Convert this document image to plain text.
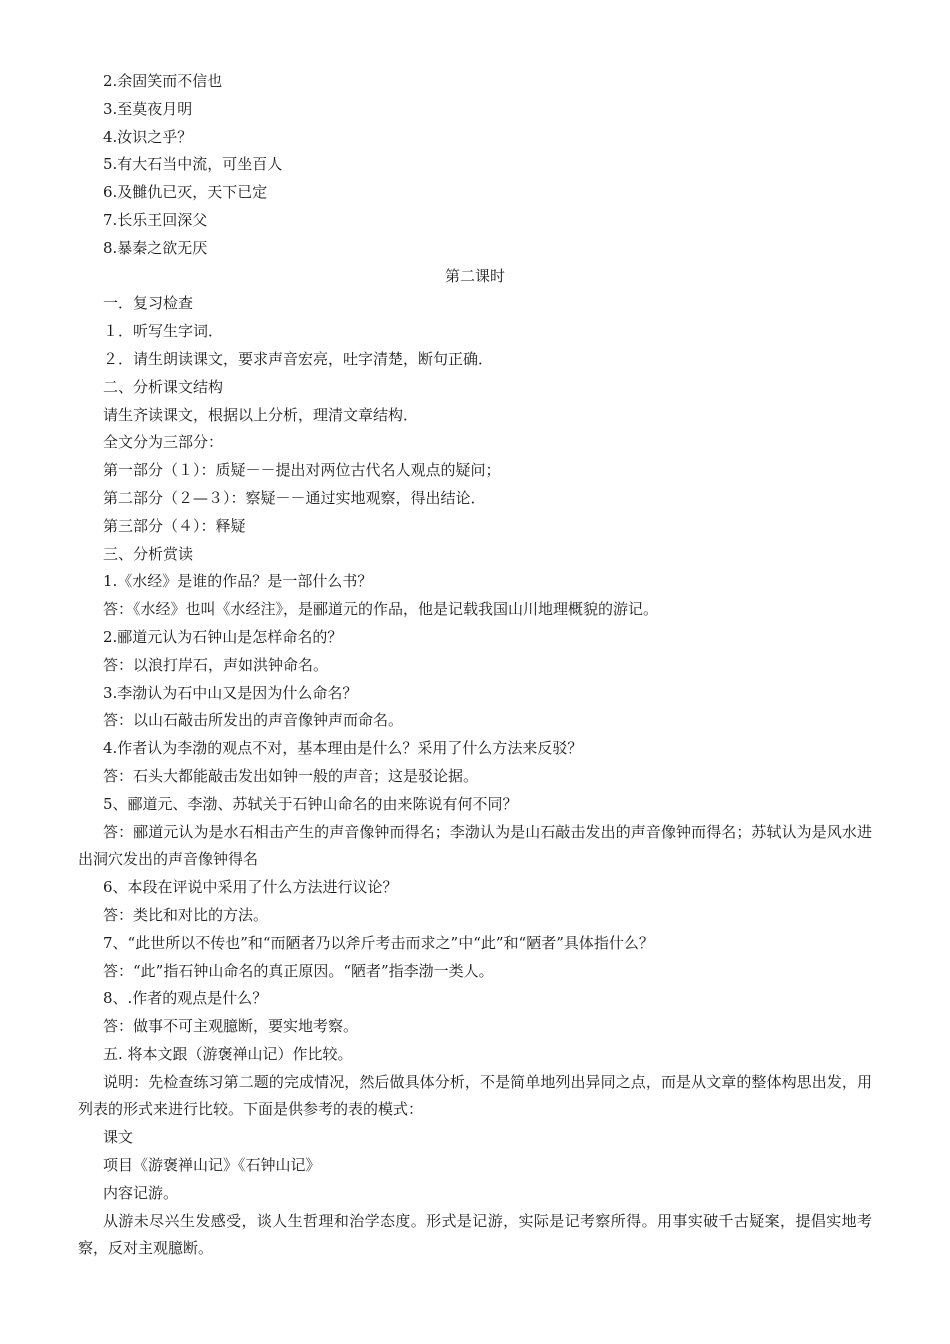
2.余固笑而不信也

3.至莫夜月明

4.汝识之乎？

5.有大石当中流，可坐百人

6.及雠仇已灭，天下已定

7.长乐王回深父

8.暴秦之欲无厌

第二课时

一．复习检查

１．听写生字词．

２．请生朗读课文，要求声音宏亮，吐字清楚，断句正确．

二、分析课文结构

请生齐读课文，根据以上分析，理清文章结构．

全文分为三部分：

第一部分（１）：质疑－－提出对两位古代名人观点的疑问；

第二部分（２—３）：察疑－－通过实地观察，得出结论．

第三部分（４）：释疑

三、分析赏读

1.《水经》是谁的作品？是一部什么书？

答：《水经》也叫《水经注》，是郦道元的作品，他是记载我国山川地理概貌的游记。

2.郦道元认为石钟山是怎样命名的？

答：以浪打岸石，声如洪钟命名。

3.李渤认为石中山又是因为什么命名？

答：以山石敲击所发出的声音像钟声而命名。

4.作者认为李渤的观点不对，基本理由是什么？采用了什么方法来反驳？

答：石头大都能敲击发出如钟一般的声音；这是驳论据。

5、郦道元、李渤、苏轼关于石钟山命名的由来陈说有何不同？

答：郦道元认为是水石相击产生的声音像钟而得名；李渤认为是山石敲击发出的声音像钟而得名；苏轼认为是风水进出洞穴发出的声音像钟得名

6、本段在评说中采用了什么方法进行议论？

答：类比和对比的方法。

7、“此世所以不传也”和“而陋者乃以斧斤考击而求之”中“此”和“陋者”具体指什么？

答：“此”指石钟山命名的真正原因。“陋者”指李渤一类人。

8、.作者的观点是什么？

答：做事不可主观臆断，要实地考察。

五. 将本文跟（游褒禅山记）作比较。

说明：先检查练习第二题的完成情况，然后做具体分析，不是简单地列出异同之点，而是从文章的整体构思出发，用列表的形式来进行比较。下面是供参考的表的模式：

课文

项目《游褒禅山记》《石钟山记》

内容记游。

从游未尽兴生发感受，谈人生哲理和治学态度。形式是记游，实际是记考察所得。用事实破千古疑案，提倡实地考察，反对主观臆断。
